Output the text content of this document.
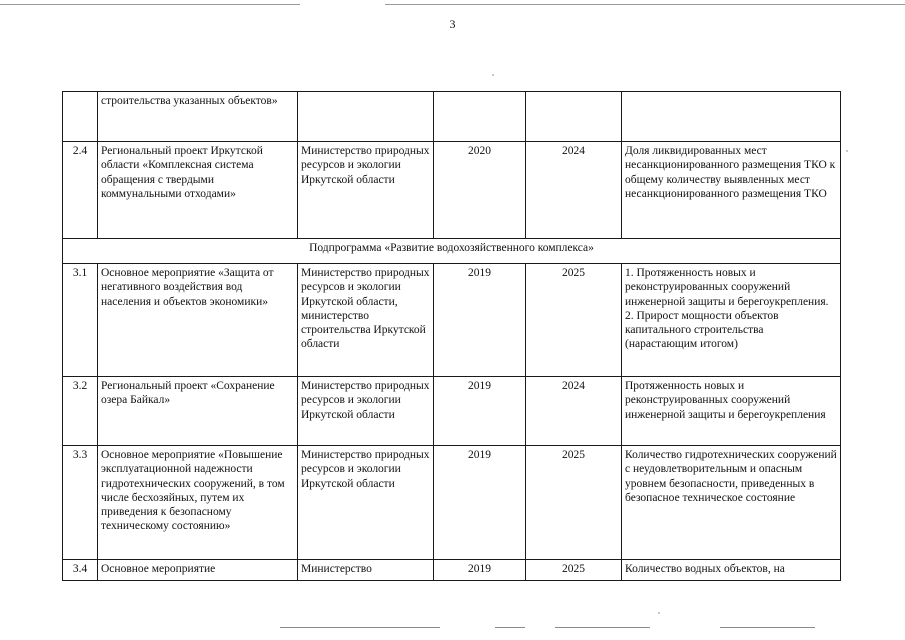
3
	строительства указанных объектов»				
2.4	Региональный проект Иркутской области «Комплексная система обращения с твердыми коммунальными отходами»	Министерство природных ресурсов и экологии Иркутской области	2020	2024	Доля ликвидированных мест несанкционированного размещения ТКО к общему количеству выявленных мест несанкционированного размещения ТКО
Подпрограмма «Развитие водохозяйственного комплекса»					
3.1	Основное мероприятие «Защита от негативного воздействия вод населения и объектов экономики»	Министерство природных ресурсов и экологии Иркутской области, министерство строительства Иркутской области	2019	2025	1. Протяженность новых и реконструированных сооружений инженерной защиты и берегоукрепления.
2. Прирост мощности объектов капитального строительства (нарастающим итогом)

3.2	Региональный проект «Сохранение озера Байкал»	Министерство природных ресурсов и экологии Иркутской области	2019	2024	Протяженность новых и реконструированных сооружений инженерной защиты и берегоукрепления
3.3	Основное мероприятие «Повышение эксплуатационной надежности гидротехнических сооружений, в том числе бесхозяйных, путем их приведения к безопасному техническому состоянию»	Министерство природных ресурсов и экологии Иркутской области	2019	2025	Количество гидротехнических сооружений с неудовлетворительным и опасным уровнем безопасности, приведенных в безопасное техническое состояние
3.4	Основное мероприятие	Министерство	2019	2025	Количество водных объектов, на
